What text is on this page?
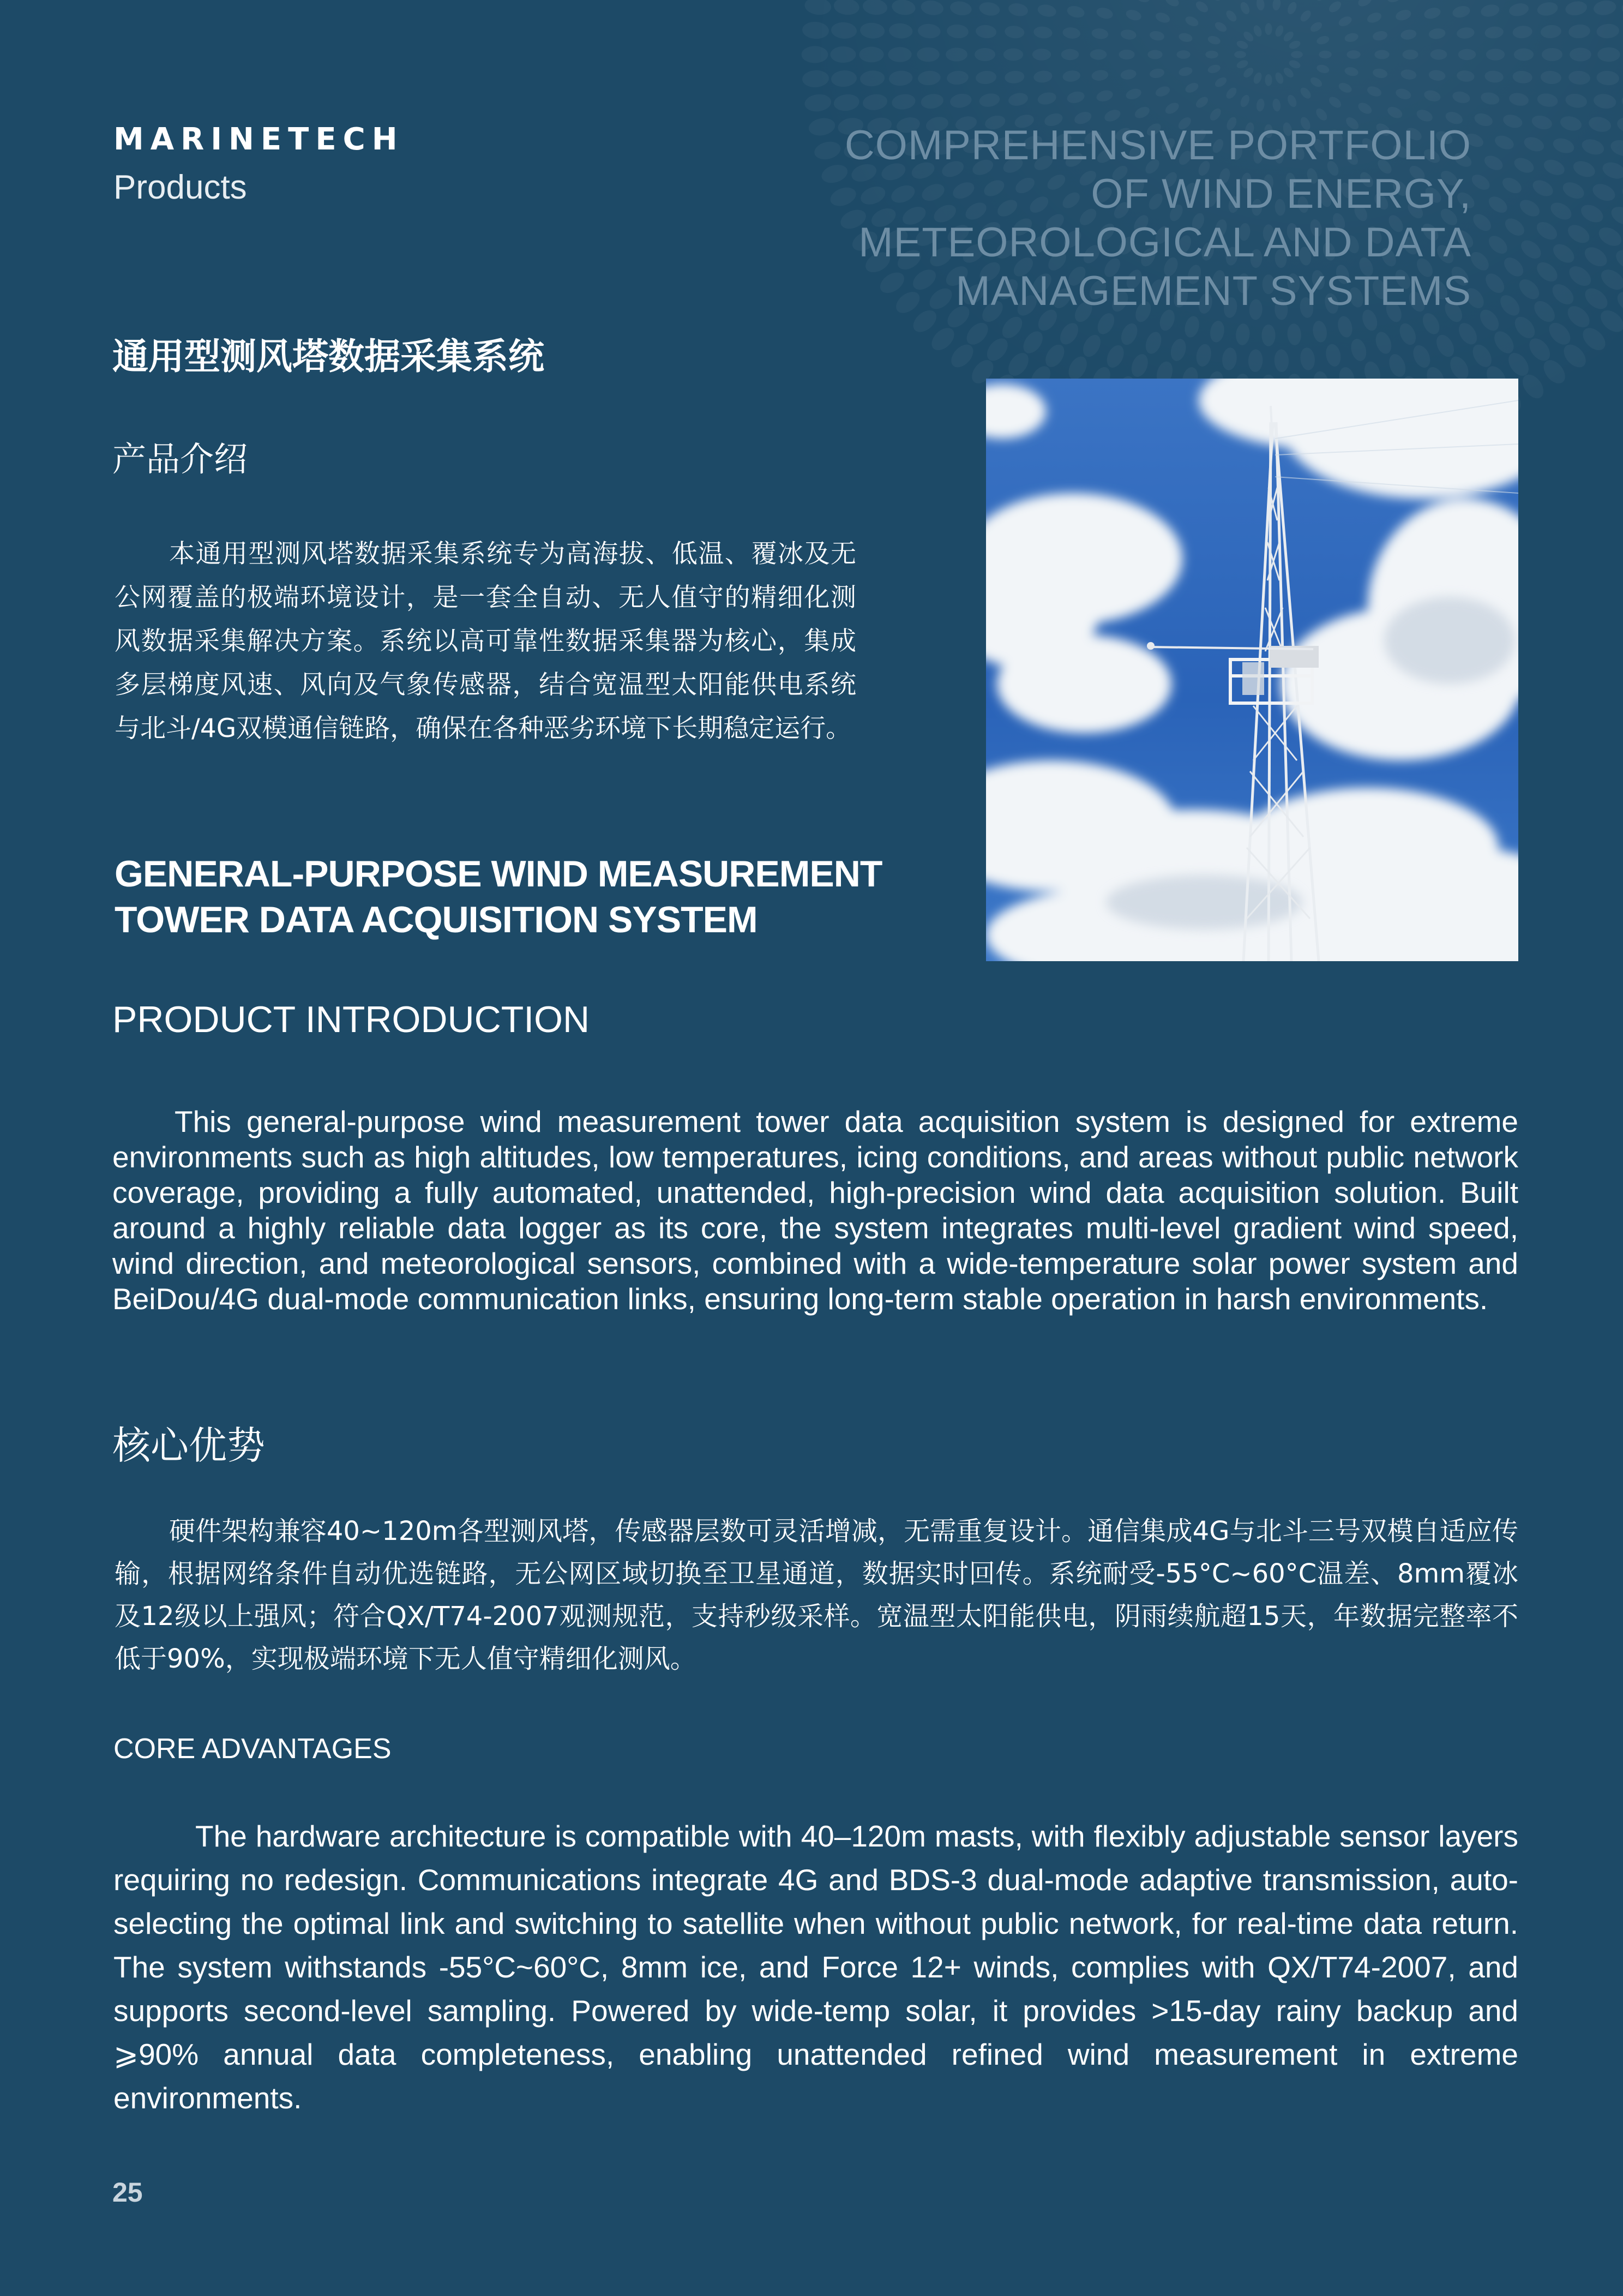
MARINETECH
Products
COMPREHENSIVE PORTFOLIO OF WIND ENERGY, METEOROLOGICAL AND DATA MANAGEMENT SYSTEMS
通用型测风塔数据采集系统
产品介绍
本通用型测风塔数据采集系统专为高海拔、低温、覆冰及无公网覆盖的极端环境设计，是一套全自动、无人值守的精细化测风数据采集解决方案。系统以高可靠性数据采集器为核心，集成多层梯度风速、风向及气象传感器，结合宽温型太阳能供电系统与北斗/4G双模通信链路，确保在各种恶劣环境下长期稳定运行。
GENERAL-PURPOSE WIND MEASUREMENT TOWER DATA ACQUISITION SYSTEM
PRODUCT INTRODUCTION
This general-purpose wind measurement tower data acquisition system is designed for extreme environments such as high altitudes, low temperatures, icing conditions, and areas without public network coverage, providing a fully automated, unattended, high-precision wind data acquisition solution. Built around a highly reliable data logger as its core, the system integrates multi-level gradient wind speed, wind direction, and meteorological sensors, combined with a wide-temperature solar power system and BeiDou/4G dual-mode communication links, ensuring long-term stable operation in harsh environments.
核心优势
硬件架构兼容40~120m各型测风塔，传感器层数可灵活增减，无需重复设计。通信集成4G与北斗三号双模自适应传输，根据网络条件自动优选链路，无公网区域切换至卫星通道，数据实时回传。系统耐受-55°C~60°C温差、8mm覆冰及12级以上强风；符合QX/T74-2007观测规范，支持秒级采样。宽温型太阳能供电，阴雨续航超15天，年数据完整率不低于90%，实现极端环境下无人值守精细化测风。
CORE ADVANTAGES
The hardware architecture is compatible with 40–120m masts, with flexibly adjustable sensor layers requiring no redesign. Communications integrate 4G and BDS-3 dual-mode adaptive transmission, auto-selecting the optimal link and switching to satellite when without public network, for real-time data return. The system withstands -55°C~60°C, 8mm ice, and Force 12+ winds, complies with QX/T74-2007, and supports second-level sampling. Powered by wide-temp solar, it provides >15-day rainy backup and ⩾90% annual data completeness, enabling unattended refined wind measurement in extreme environments.
25
